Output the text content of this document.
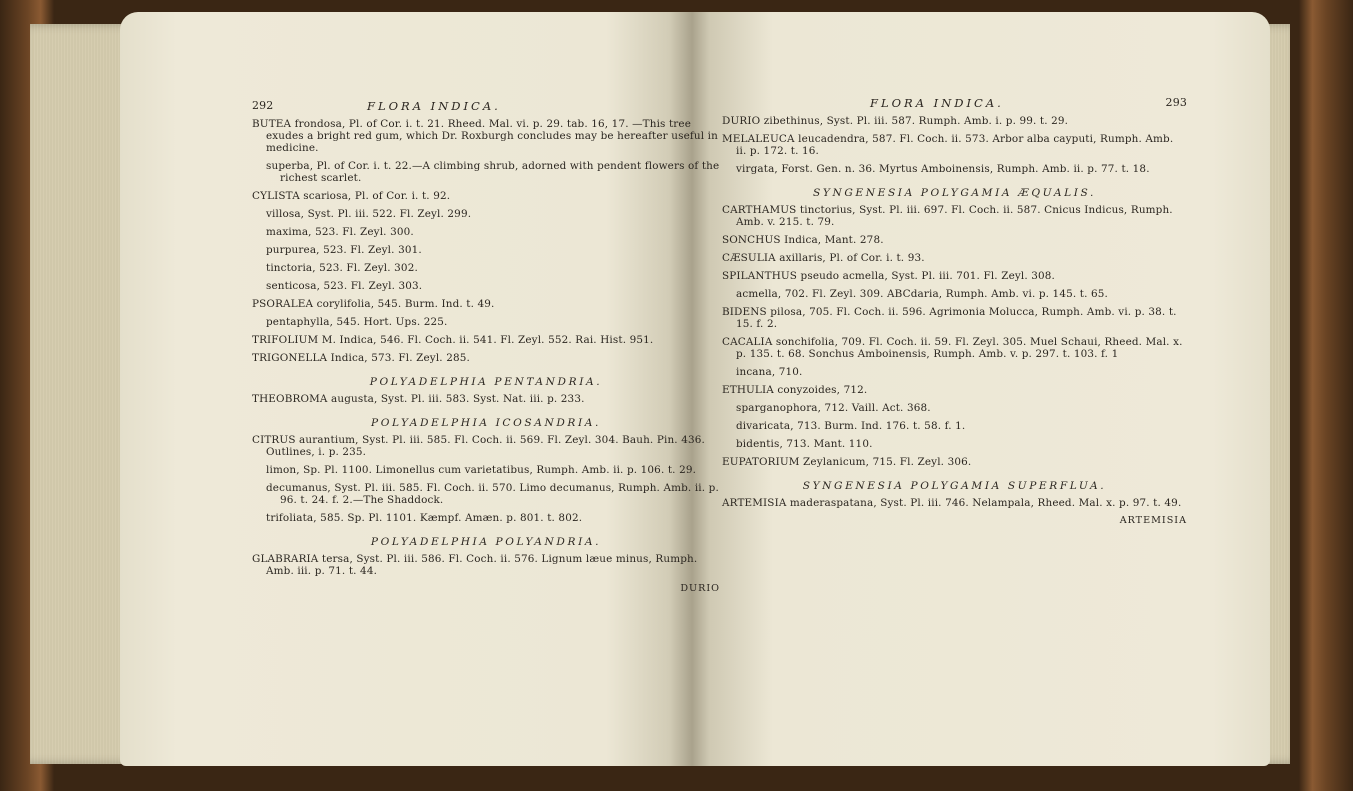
292	FLORA INDICA.
BUTEA frondosa, Pl. of Cor. i. t. 21. Rheed. Mal. vi. p. 29. tab. 16, 17. —This tree exudes a bright red gum, which Dr. Roxburgh concludes may be hereafter useful in medicine.
superba, Pl. of Cor. i. t. 22.—A climbing shrub, adorned with pendent flowers of the richest scarlet.
CYLISTA scariosa, Pl. of Cor. i. t. 92.
villosa, Syst. Pl. iii. 522. Fl. Zeyl. 299.
maxima, 523. Fl. Zeyl. 300.
purpurea, 523. Fl. Zeyl. 301.
tinctoria, 523. Fl. Zeyl. 302.
senticosa, 523. Fl. Zeyl. 303.
PSORALEA corylifolia, 545. Burm. Ind. t. 49.
pentaphylla, 545. Hort. Ups. 225.
TRIFOLIUM M. Indica, 546. Fl. Coch. ii. 541. Fl. Zeyl. 552. Rai. Hist. 951.
TRIGONELLA Indica, 573. Fl. Zeyl. 285.
POLYADELPHIA PENTANDRIA.
THEOBROMA augusta, Syst. Pl. iii. 583. Syst. Nat. iii. p. 233.
POLYADELPHIA ICOSANDRIA.
CITRUS aurantium, Syst. Pl. iii. 585. Fl. Coch. ii. 569. Fl. Zeyl. 304. Bauh. Pin. 436. Outlines, i. p. 235.
limon, Sp. Pl. 1100. Limonellus cum varietatibus, Rumph. Amb. ii. p. 106. t. 29.
decumanus, Syst. Pl. iii. 585. Fl. Coch. ii. 570. Limo decumanus, Rumph. Amb. ii. p. 96. t. 24. f. 2.—The Shaddock.
trifoliata, 585. Sp. Pl. 1101. Kæmpf. Amæn. p. 801. t. 802.
POLYADELPHIA POLYANDRIA.
GLABRARIA tersa, Syst. Pl. iii. 586. Fl. Coch. ii. 576. Lignum læue minus, Rumph. Amb. iii. p. 71. t. 44.
DURIO
FLORA INDICA.	293
DURIO zibethinus, Syst. Pl. iii. 587. Rumph. Amb. i. p. 99. t. 29.
MELALEUCA leucadendra, 587. Fl. Coch. ii. 573. Arbor alba cayputi, Rumph. Amb. ii. p. 172. t. 16.
virgata, Forst. Gen. n. 36. Myrtus Amboinensis, Rumph. Amb. ii. p. 77. t. 18.
SYNGENESIA POLYGAMIA ÆQUALIS.
CARTHAMUS tinctorius, Syst. Pl. iii. 697. Fl. Coch. ii. 587. Cnicus Indicus, Rumph. Amb. v. 215. t. 79.
SONCHUS Indica, Mant. 278.
CÆSULIA axillaris, Pl. of Cor. i. t. 93.
SPILANTHUS pseudo acmella, Syst. Pl. iii. 701. Fl. Zeyl. 308.
acmella, 702. Fl. Zeyl. 309. ABCdaria, Rumph. Amb. vi. p. 145. t. 65.
BIDENS pilosa, 705. Fl. Coch. ii. 596. Agrimonia Molucca, Rumph. Amb. vi. p. 38. t. 15. f. 2.
CACALIA sonchifolia, 709. Fl. Coch. ii. 59. Fl. Zeyl. 305. Muel Schaui, Rheed. Mal. x. p. 135. t. 68. Sonchus Amboinensis, Rumph. Amb. v. p. 297. t. 103. f. 1
incana, 710.
ETHULIA conyzoides, 712.
sparganophora, 712. Vaill. Act. 368.
divaricata, 713. Burm. Ind. 176. t. 58. f. 1.
bidentis, 713. Mant. 110.
EUPATORIUM Zeylanicum, 715. Fl. Zeyl. 306.
SYNGENESIA POLYGAMIA SUPERFLUA.
ARTEMISIA maderaspatana, Syst. Pl. iii. 746. Nelampala, Rheed. Mal. x. p. 97. t. 49.
ARTEMISIA
